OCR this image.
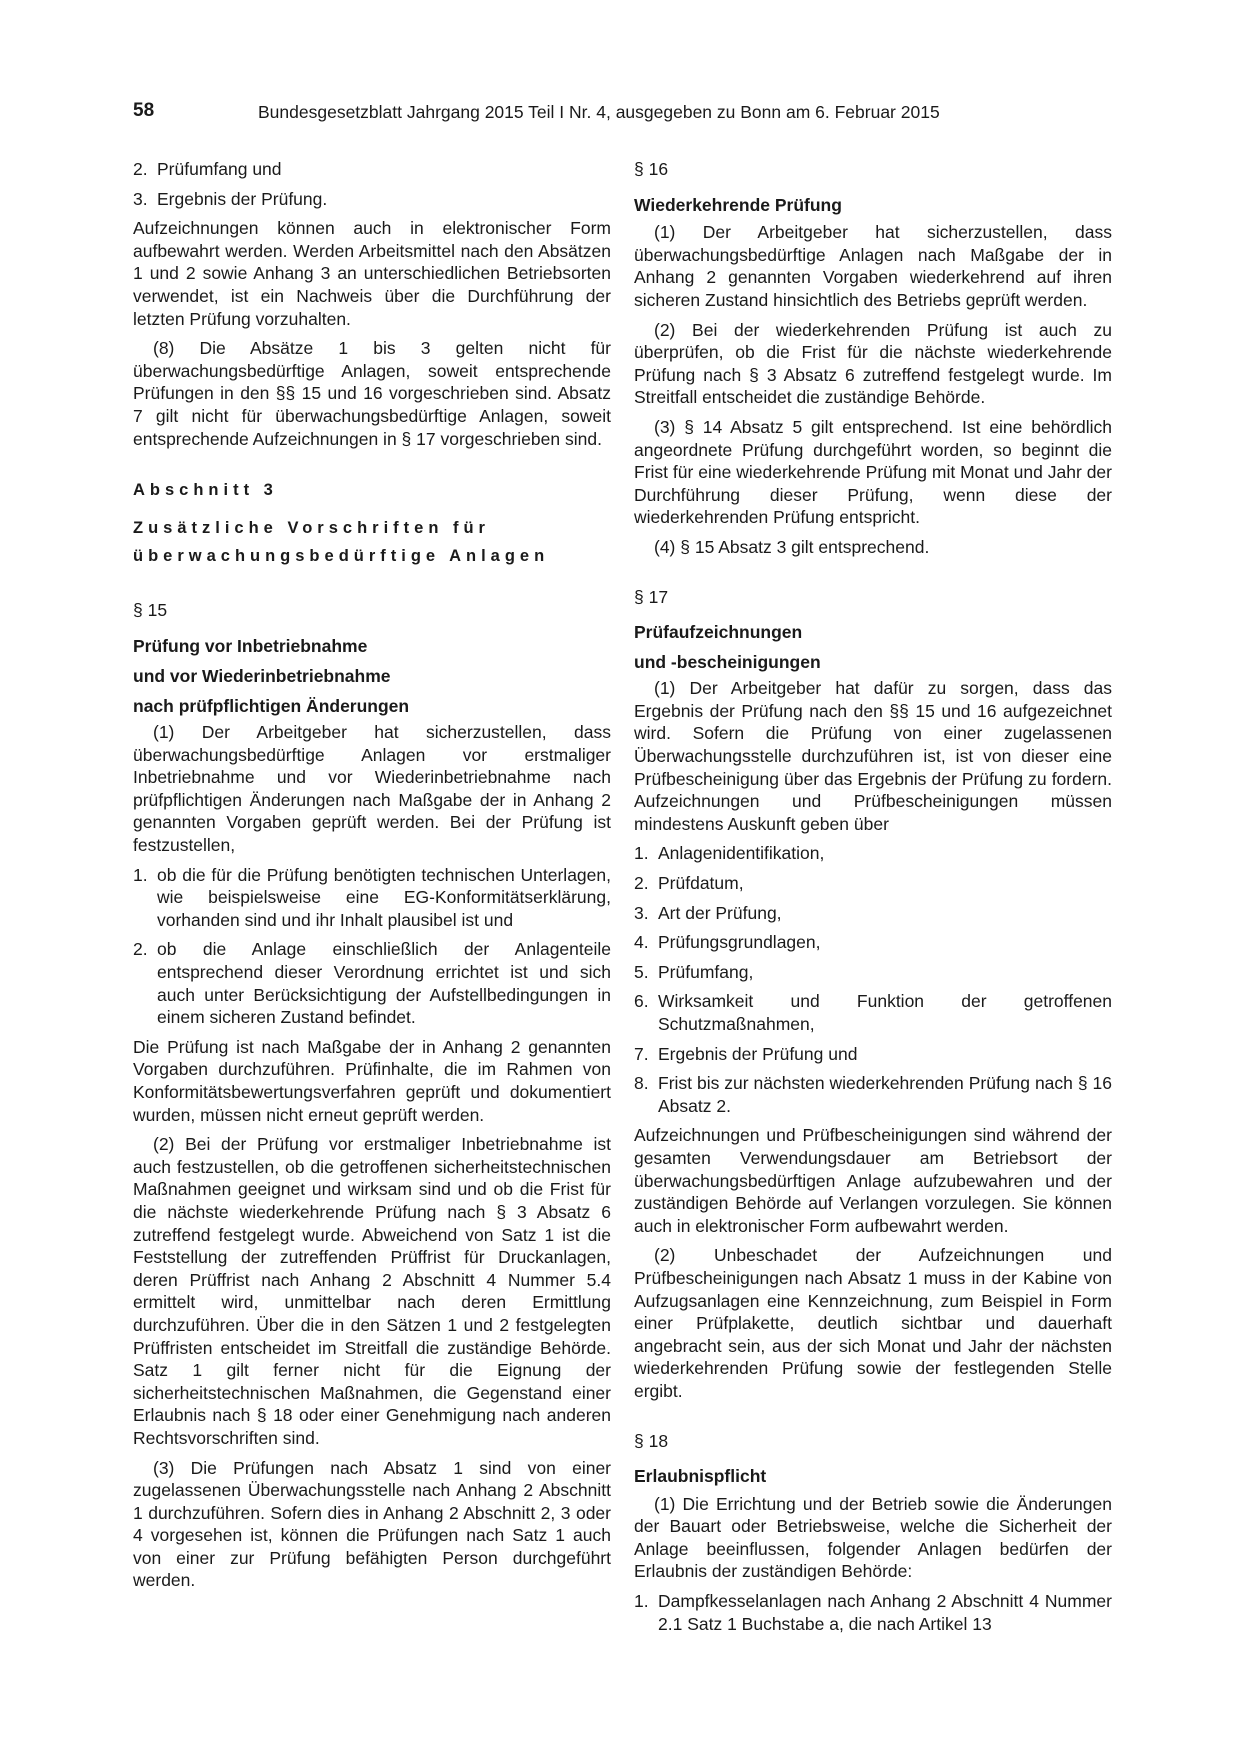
58	Bundesgesetzblatt Jahrgang 2015 Teil I Nr. 4, ausgegeben zu Bonn am 6. Februar 2015
2. Prüfumfang und
3. Ergebnis der Prüfung.

Aufzeichnungen können auch in elektronischer Form aufbewahrt werden. Werden Arbeitsmittel nach den Absätzen 1 und 2 sowie Anhang 3 an unterschiedlichen Betriebsorten verwendet, ist ein Nachweis über die Durchführung der letzten Prüfung vorzuhalten.

(8) Die Absätze 1 bis 3 gelten nicht für überwachungsbedürftige Anlagen, soweit entsprechende Prüfungen in den §§ 15 und 16 vorgeschrieben sind. Absatz 7 gilt nicht für überwachungsbedürftige Anlagen, soweit entsprechende Aufzeichnungen in § 17 vorgeschrieben sind.

Abschnitt 3

Zusätzliche Vorschriften für

überwachungsbedürftige Anlagen

§ 15

Prüfung vor Inbetriebnahme

und vor Wiederinbetriebnahme

nach prüfpflichtigen Änderungen

(1) Der Arbeitgeber hat sicherzustellen, dass überwachungsbedürftige Anlagen vor erstmaliger Inbetriebnahme und vor Wiederinbetriebnahme nach prüfpflichtigen Änderungen nach Maßgabe der in Anhang 2 genannten Vorgaben geprüft werden. Bei der Prüfung ist festzustellen,

1. ob die für die Prüfung benötigten technischen Unterlagen, wie beispielsweise eine EG-Konformitätserklärung, vorhanden sind und ihr Inhalt plausibel ist und
2. ob die Anlage einschließlich der Anlagenteile entsprechend dieser Verordnung errichtet ist und sich auch unter Berücksichtigung der Aufstellbedingungen in einem sicheren Zustand befindet.

Die Prüfung ist nach Maßgabe der in Anhang 2 genannten Vorgaben durchzuführen. Prüfinhalte, die im Rahmen von Konformitätsbewertungsverfahren geprüft und dokumentiert wurden, müssen nicht erneut geprüft werden.

(2) Bei der Prüfung vor erstmaliger Inbetriebnahme ist auch festzustellen, ob die getroffenen sicherheitstechnischen Maßnahmen geeignet und wirksam sind und ob die Frist für die nächste wiederkehrende Prüfung nach § 3 Absatz 6 zutreffend festgelegt wurde. Abweichend von Satz 1 ist die Feststellung der zutreffenden Prüffrist für Druckanlagen, deren Prüffrist nach Anhang 2 Abschnitt 4 Nummer 5.4 ermittelt wird, unmittelbar nach deren Ermittlung durchzuführen. Über die in den Sätzen 1 und 2 festgelegten Prüffristen entscheidet im Streitfall die zuständige Behörde. Satz 1 gilt ferner nicht für die Eignung der sicherheitstechnischen Maßnahmen, die Gegenstand einer Erlaubnis nach § 18 oder einer Genehmigung nach anderen Rechtsvorschriften sind.

(3) Die Prüfungen nach Absatz 1 sind von einer zugelassenen Überwachungsstelle nach Anhang 2 Abschnitt 1 durchzuführen. Sofern dies in Anhang 2 Abschnitt 2, 3 oder 4 vorgesehen ist, können die Prüfungen nach Satz 1 auch von einer zur Prüfung befähigten Person durchgeführt werden.

§ 16

Wiederkehrende Prüfung

(1) Der Arbeitgeber hat sicherzustellen, dass überwachungsbedürftige Anlagen nach Maßgabe der in Anhang 2 genannten Vorgaben wiederkehrend auf ihren sicheren Zustand hinsichtlich des Betriebs geprüft werden.

(2) Bei der wiederkehrenden Prüfung ist auch zu überprüfen, ob die Frist für die nächste wiederkehrende Prüfung nach § 3 Absatz 6 zutreffend festgelegt wurde. Im Streitfall entscheidet die zuständige Behörde.

(3) § 14 Absatz 5 gilt entsprechend. Ist eine behördlich angeordnete Prüfung durchgeführt worden, so beginnt die Frist für eine wiederkehrende Prüfung mit Monat und Jahr der Durchführung dieser Prüfung, wenn diese der wiederkehrenden Prüfung entspricht.

(4) § 15 Absatz 3 gilt entsprechend.

§ 17

Prüfaufzeichnungen

und -bescheinigungen

(1) Der Arbeitgeber hat dafür zu sorgen, dass das Ergebnis der Prüfung nach den §§ 15 und 16 aufgezeichnet wird. Sofern die Prüfung von einer zugelassenen Überwachungsstelle durchzuführen ist, ist von dieser eine Prüfbescheinigung über das Ergebnis der Prüfung zu fordern. Aufzeichnungen und Prüfbescheinigungen müssen mindestens Auskunft geben über

1. Anlagenidentifikation,
2. Prüfdatum,
3. Art der Prüfung,
4. Prüfungsgrundlagen,
5. Prüfumfang,
6. Wirksamkeit und Funktion der getroffenen Schutzmaßnahmen,
7. Ergebnis der Prüfung und
8. Frist bis zur nächsten wiederkehrenden Prüfung nach § 16 Absatz 2.

Aufzeichnungen und Prüfbescheinigungen sind während der gesamten Verwendungsdauer am Betriebsort der überwachungsbedürftigen Anlage aufzubewahren und der zuständigen Behörde auf Verlangen vorzulegen. Sie können auch in elektronischer Form aufbewahrt werden.

(2) Unbeschadet der Aufzeichnungen und Prüfbescheinigungen nach Absatz 1 muss in der Kabine von Aufzugsanlagen eine Kennzeichnung, zum Beispiel in Form einer Prüfplakette, deutlich sichtbar und dauerhaft angebracht sein, aus der sich Monat und Jahr der nächsten wiederkehrenden Prüfung sowie der festlegenden Stelle ergibt.

§ 18

Erlaubnispflicht

(1) Die Errichtung und der Betrieb sowie die Änderungen der Bauart oder Betriebsweise, welche die Sicherheit der Anlage beeinflussen, folgender Anlagen bedürfen der Erlaubnis der zuständigen Behörde:

1. Dampfkesselanlagen nach Anhang 2 Abschnitt 4 Nummer 2.1 Satz 1 Buchstabe a, die nach Artikel 13
